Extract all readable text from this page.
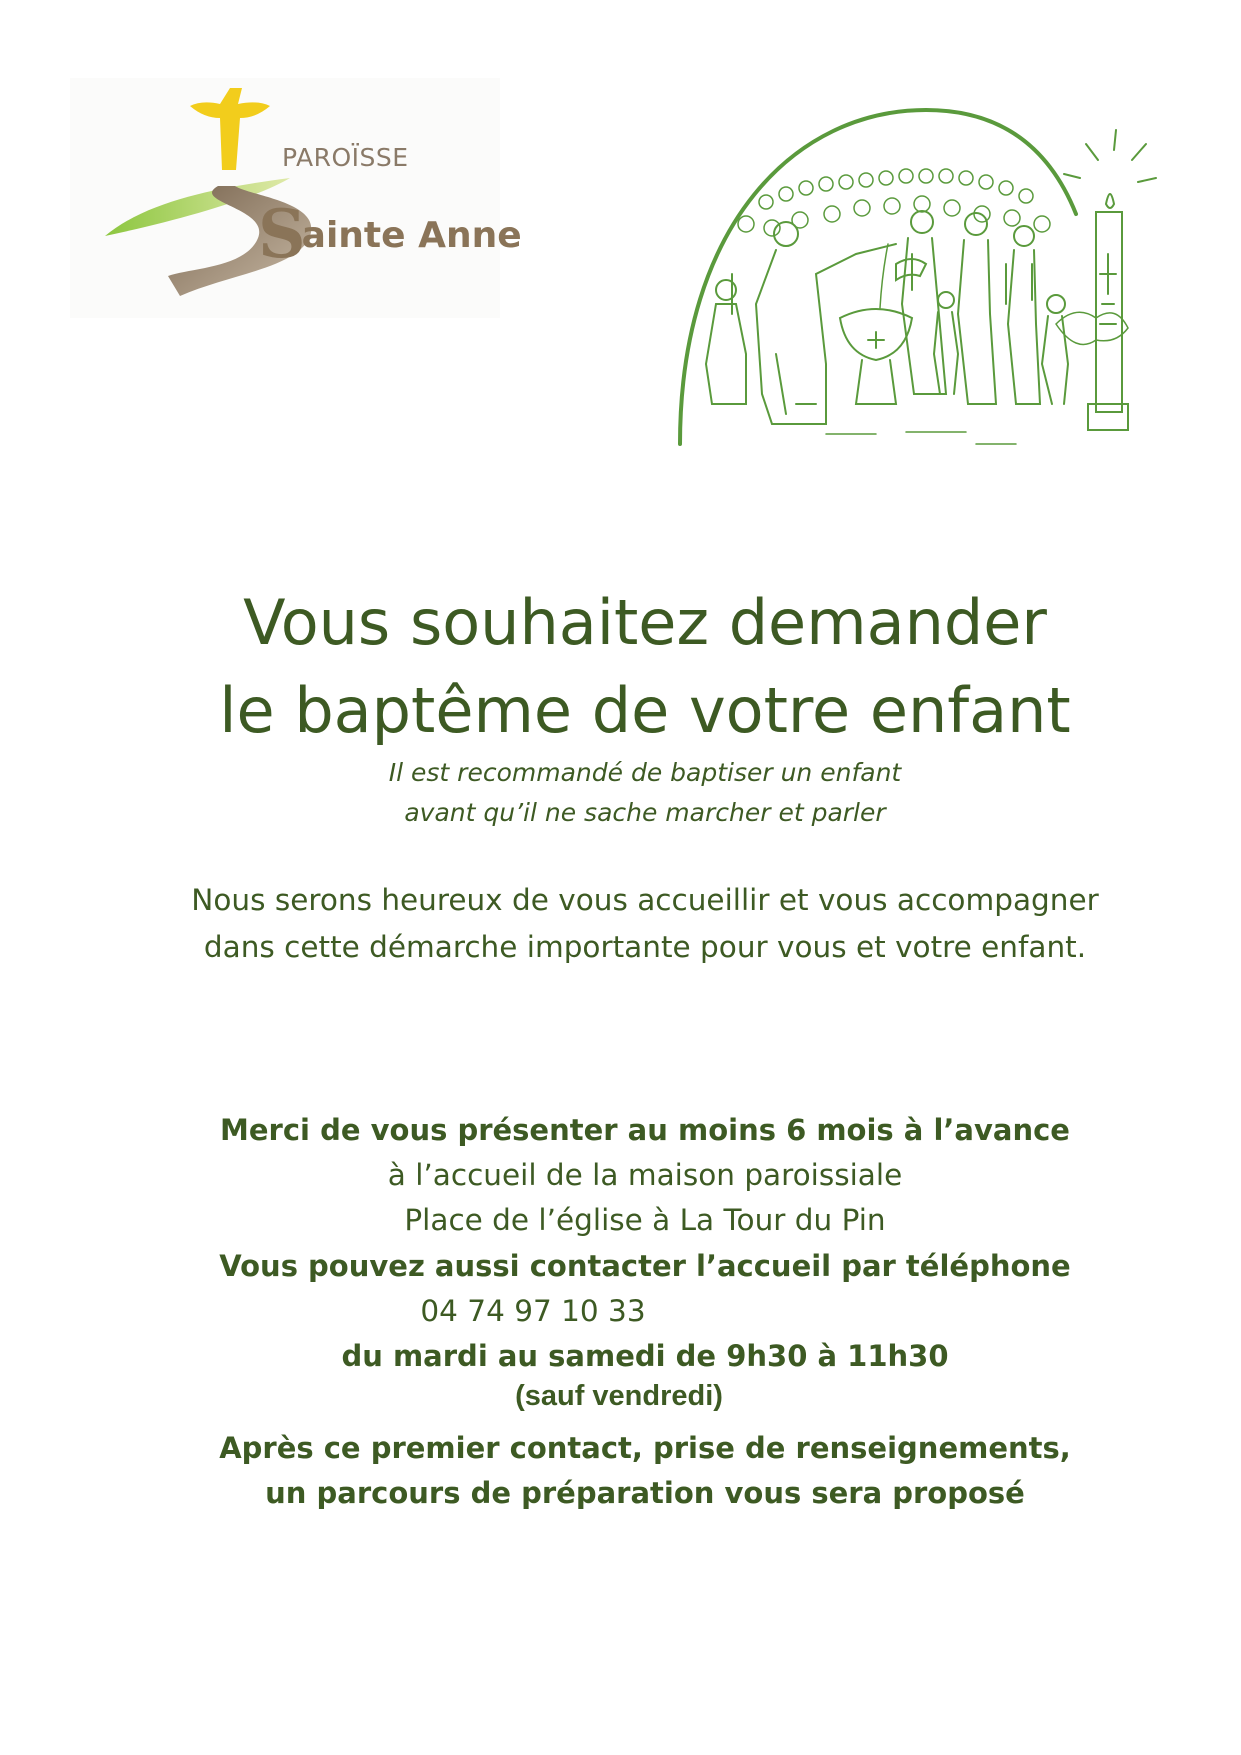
PAROÏSSE
Sainte Anne
Vous souhaitez demander
le baptême de votre enfant
Il est recommandé de baptiser un enfant
avant qu’il ne sache marcher et parler
Nous serons heureux de vous accueillir et vous accompagner
dans cette démarche importante pour vous et votre enfant.
Merci de vous présenter au moins 6 mois à l’avance
à l’accueil de la maison paroissiale
Place de l’église à La Tour du Pin
Vous pouvez aussi contacter l’accueil par téléphone
04 74 97 10 33
du mardi au samedi de 9h30 à 11h30
(sauf vendredi)
Après ce premier contact, prise de renseignements,
un parcours de préparation vous sera proposé
